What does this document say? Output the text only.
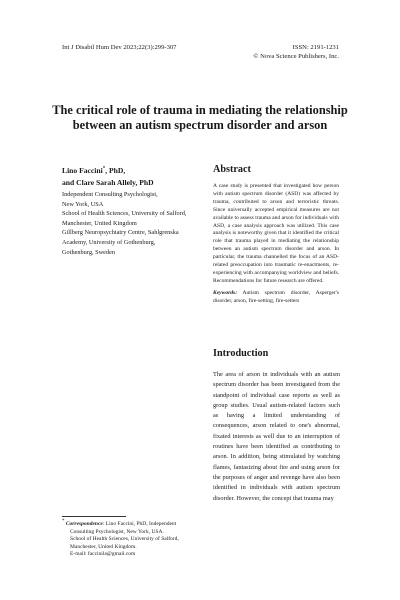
Int J Disabil Hum Dev 2023;22(3):299-307	ISSN: 2191-1231
© Nova Science Publishers, Inc.
The critical role of trauma in mediating the relationship between an autism spectrum disorder and arson
Lino Faccini*, PhD,
and Clare Sarah Allely, PhD
Independent Consulting Psychologist,
New York, USA
School of Health Sciences, University of Salford,
Manchester, United Kingdom
Gillberg Neuropsychiatry Centre, Sahlgrenska
Academy, University of Gothenburg,
Gothenburg, Sweden
Abstract
A case study is presented that investigated how person with autism spectrum disorder (ASD) was affected by trauma, contributed to arson and terroristic threats. Since universally accepted empirical measures are not available to assess trauma and arson for individuals with ASD, a case analysis approach was utilized. This case analysis is noteworthy given that it identified the critical role that trauma played in mediating the relationship between an autism spectrum disorder and arson. In particular, the trauma channelled the focus of an ASD-related preoccupation into traumatic re-enactments, re-experiencing with accompanying worldview and beliefs. Recommendations for future research are offered.
Keywords: Autism spectrum disorder, Asperger's disorder, arson, fire-setting, fire-setters
Introduction
The area of arson in individuals with an autism spectrum disorder has been investigated from the standpoint of individual case reports as well as group studies. Usual autism-related factors such as having a limited understanding of consequences, arson related to one's abnormal, fixated interests as well due to an interruption of routines have been identified as contributing to arson. In addition, being stimulated by watching flames, fantasizing about fire and using arson for the purposes of anger and revenge have also been identified in individuals with autism spectrum disorder. However, the concept that trauma may
* Correspondence: Lino Faccini, PhD, Independent
Consulting Psychologist, New York, USA.
School of Health Sciences, University of Salford,
Manchester, United Kingdom.
E-mail: faccinila@gmail.com
